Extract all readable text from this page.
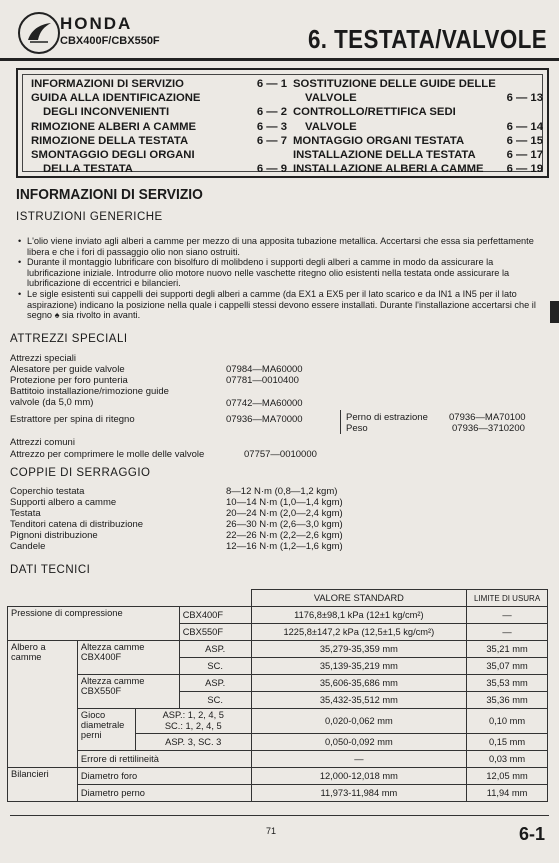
HONDA
CBX400F/CBX550F	6. TESTATA/VALVOLE
INFORMAZIONI DI SERVIZIO	6 — 1
GUIDA ALLA IDENTIFICAZIONE
DEGLI INCONVENIENTI	6 — 2
RIMOZIONE ALBERI A CAMME	6 — 3
RIMOZIONE DELLA TESTATA	6 — 7
SMONTAGGIO DEGLI ORGANI
DELLA TESTATA	6 — 9
SOSTITUZIONE DELLE GUIDE DELLE
VALVOLE	6 — 13
CONTROLLO/RETTIFICA SEDI
VALVOLE	6 — 14
MONTAGGIO ORGANI TESTATA	6 — 15
INSTALLAZIONE DELLA TESTATA	6 — 17
INSTALLAZIONE ALBERI A CAMME 6 — 19
INFORMAZIONI DI SERVIZIO
ISTRUZIONI GENERICHE
• L'olio viene inviato agli alberi a camme per mezzo di una apposita tubazione metallica. Accertarsi che essa sia perfettamente libera e che i fori di passaggio olio non siano ostruiti.
• Durante il montaggio lubrificare con bisolfuro di molibdeno i supporti degli alberi a camme in modo da assicurare la lubrificazione iniziale. Introdurre olio motore nuovo nelle vaschette ritegno olio esistenti nella testata onde assicurare la lubrificazione di eccentrici e bilancieri.
• Le sigle esistenti sui cappelli dei supporti degli alberi a camme (da EX1 a EX5 per il lato scarico e da IN1 a IN5 per il lato aspirazione) indicano la posizione nella quale i cappelli stessi devono essere installati. Durante l'installazione accertarsi che il segno ♠ sia rivolto in avanti.
ATTREZZI SPECIALI
Attrezzi speciali
Alesatore per guide valvole	07984—MA60000
Protezione per foro punteria	07781—0010400
Battitoio installazione/rimozione guide
valvole (da 5,0 mm)	07742—MA60000
Estrattore per spina di ritegno	07936—MA70000	Perno di estrazione 07936—MA70100
Peso	07936—3710200
Attrezzi comuni
Attrezzo per comprimere le molle delle valvole	07757—0010000
COPPIE DI SERRAGGIO
Coperchio testata	8—12 N·m (0,8—1,2 kgm)
Supporti albero a camme	10—14 N·m (1,0—1,4 kgm)
Testata	20—24 N·m (2,0—2,4 kgm)
Tenditori catena di distribuzione	26—30 N·m (2,6—3,0 kgm)
Pignoni distribuzione	22—26 N·m (2,2—2,6 kgm)
Candele	12—16 N·m (1,2—1,6 kgm)
DATI TECNICI
				VALORE STANDARD	LIMITE DI USURA
Pressione di compressione			CBX400F	1176,8±98,1 kPa (12±1 kg/cm²)	—
			CBX550F	1225,8±147,2 kPa (12,5±1,5 kg/cm²)	—
Albero a camme	Altezza camme CBX400F		ASP.	35,279-35,359 mm	35,21 mm
			SC.	35,139-35,219 mm	35,07 mm
	Altezza camme CBX550F		ASP.	35,606-35,686 mm	35,53 mm
			SC.	35,432-35,512 mm	35,36 mm
	Gioco diametrale perni	ASP.: 1, 2, 4, 5
SC.: 1, 2, 4, 5		0,020-0,062 mm	0,10 mm
		ASP. 3, SC. 3		0,050-0,092 mm	0,15 mm
	Errore di rettilineità			—	0,03 mm
Bilancieri	Diametro foro			12,000-12,018 mm	12,05 mm
	Diametro perno			11,973-11,984 mm	11,94 mm
71	6-1
